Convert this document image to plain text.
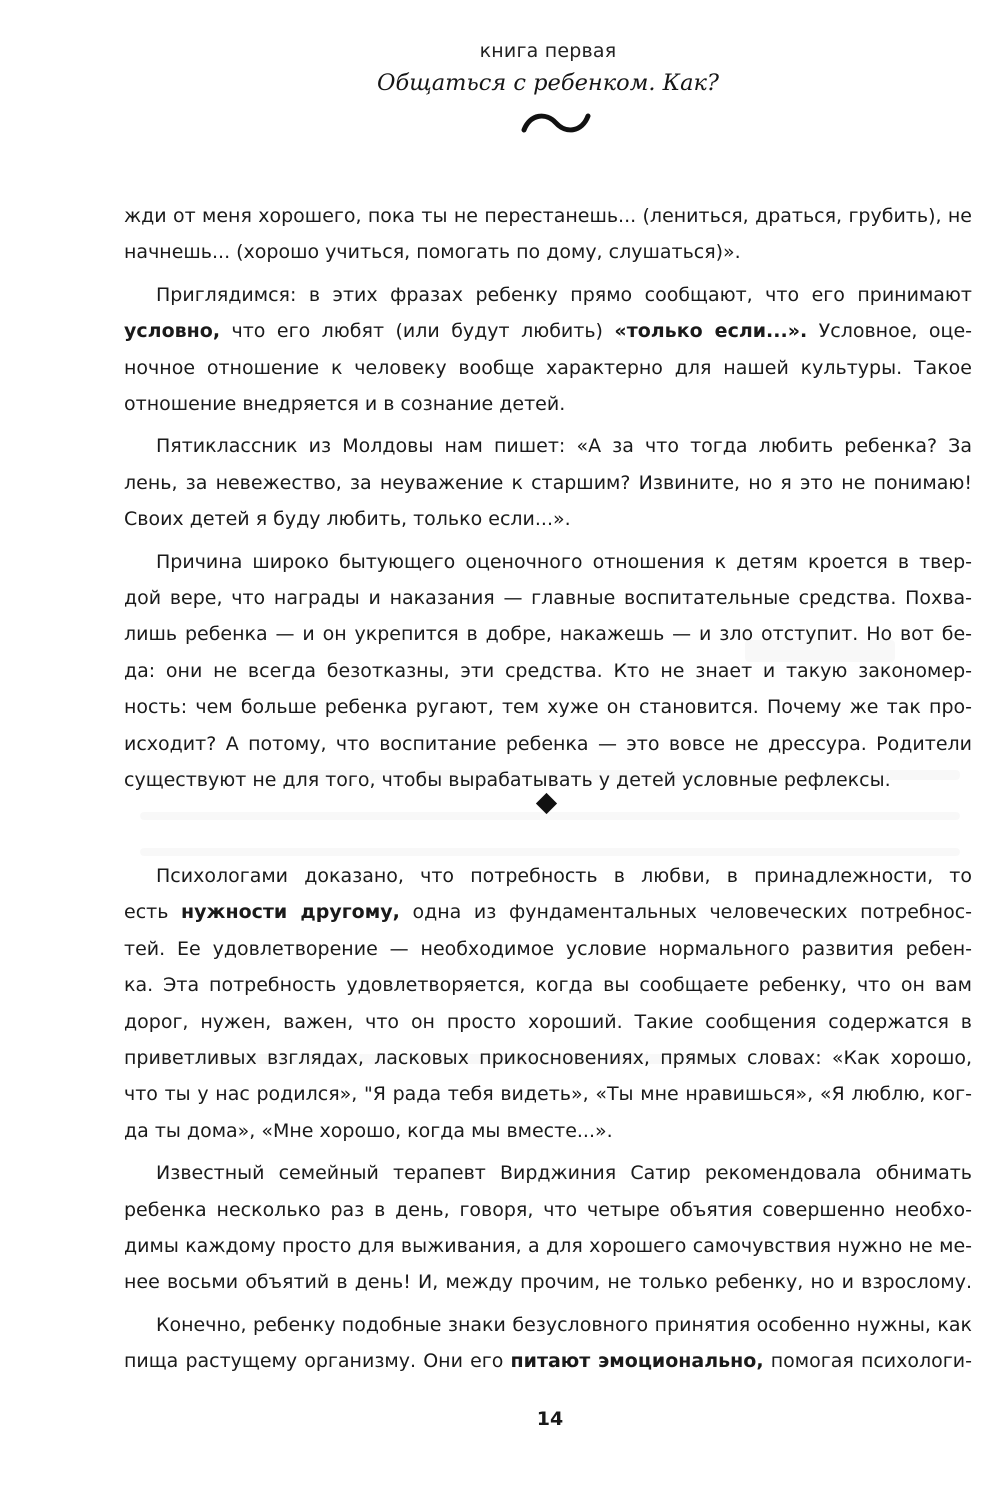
книга первая
Общаться с ребенком. Как?

жди от меня хорошего, пока ты не перестанешь... (лениться, драться, грубить), не
начнешь... (хорошо учиться, помогать по дому, слушаться)».

Приглядимся: в этих фразах ребенку прямо сообщают, что его принимают
условно, что его любят (или будут любить) «только если...». Условное, оце-
ночное отношение к человеку вообще характерно для нашей культуры. Такое
отношение внедряется и в сознание детей.

Пятиклассник из Молдовы нам пишет: «А за что тогда любить ребенка? За
лень, за невежество, за неуважение к старшим? Извините, но я это не понимаю!
Своих детей я буду любить, только если...».

Причина широко бытующего оценочного отношения к детям кроется в твер-
дой вере, что награды и наказания — главные воспитательные средства. Похва-
лишь ребенка — и он укрепится в добре, накажешь — и зло отступит. Но вот бе-
да: они не всегда безотказны, эти средства. Кто не знает и такую закономер-
ность: чем больше ребенка ругают, тем хуже он становится. Почему же так про-
исходит? А потому, что воспитание ребенка — это вовсе не дрессура. Родители
существуют не для того, чтобы вырабатывать у детей условные рефлексы.

Психологами доказано, что потребность в любви, в принадлежности, то
есть нужности другому, одна из фундаментальных человеческих потребнос-
тей. Ее удовлетворение — необходимое условие нормального развития ребен-
ка. Эта потребность удовлетворяется, когда вы сообщаете ребенку, что он вам
дорог, нужен, важен, что он просто хороший. Такие сообщения содержатся в
приветливых взглядах, ласковых прикосновениях, прямых словах: «Как хорошо,
что ты у нас родился», "Я рада тебя видеть», «Ты мне нравишься», «Я люблю, ког-
да ты дома», «Мне хорошо, когда мы вместе...».

Известный семейный терапевт Вирджиния Сатир рекомендовала обнимать
ребенка несколько раз в день, говоря, что четыре объятия совершенно необхо-
димы каждому просто для выживания, а для хорошего самочувствия нужно не ме-
нее восьми объятий в день! И, между прочим, не только ребенку, но и взрослому.

Конечно, ребенку подобные знаки безусловного принятия особенно нужны, как
пища растущему организму. Они его питают эмоционально, помогая психологи-

14
